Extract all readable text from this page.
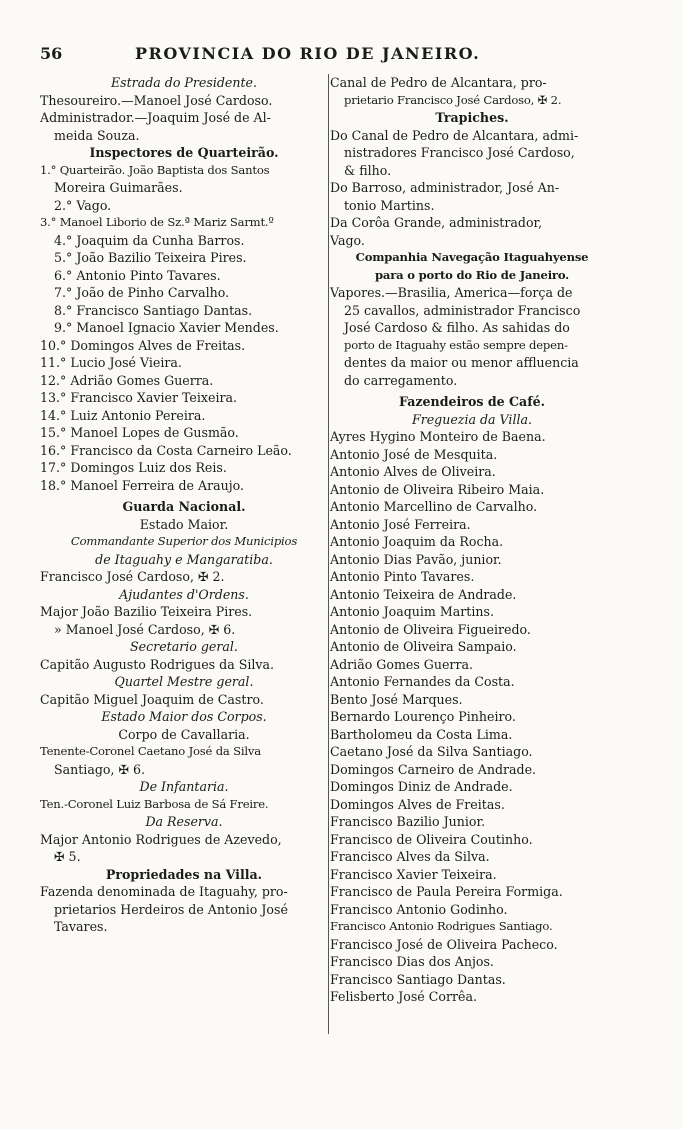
56	PROVINCIA DO RIO DE JANEIRO.
Estrada do Presidente.
Thesoureiro.—Manoel José Cardoso.
Administrador.—Joaquim José de Al-
meida Souza.
Inspectores de Quarteirão.
1.° Quarteirão. João Baptista dos Santos
Moreira Guimarães.
2.° Vago.
3.° Manoel Liborio de Sz.ª Mariz Sarmt.º
4.° Joaquim da Cunha Barros.
5.° João Bazilio Teixeira Pires.
6.° Antonio Pinto Tavares.
7.° João de Pinho Carvalho.
8.° Francisco Santiago Dantas.
9.° Manoel Ignacio Xavier Mendes.
10.° Domingos Alves de Freitas.
11.° Lucio José Vieira.
12.° Adrião Gomes Guerra.
13.° Francisco Xavier Teixeira.
14.° Luiz Antonio Pereira.
15.° Manoel Lopes de Gusmão.
16.° Francisco da Costa Carneiro Leão.
17.° Domingos Luiz dos Reis.
18.° Manoel Ferreira de Araujo.
Guarda Nacional.
Estado Maior.
Commandante Superior dos Municipios
de Itaguahy e Mangaratiba.
Francisco José Cardoso, ✠ 2.
Ajudantes d'Ordens.
Major João Bazilio Teixeira Pires.
» Manoel José Cardoso, ✠ 6.
Secretario geral.
Capitão Augusto Rodrigues da Silva.
Quartel Mestre geral.
Capitão Miguel Joaquim de Castro.
Estado Maior dos Corpos.
Corpo de Cavallaria.
Tenente-Coronel Caetano José da Silva
Santiago, ✠ 6.
De Infantaria.
Ten.-Coronel Luiz Barbosa de Sá Freire.
Da Reserva.
Major Antonio Rodrigues de Azevedo,
✠ 5.
Propriedades na Villa.
Fazenda denominada de Itaguahy, pro-
prietarios Herdeiros de Antonio José
Tavares.
Canal de Pedro de Alcantara, pro-
prietario Francisco José Cardoso, ✠ 2.
Trapiches.
Do Canal de Pedro de Alcantara, admi-
nistradores Francisco José Cardoso,
& filho.
Do Barroso, administrador, José An-
tonio Martins.
Da Corôa Grande, administrador,
Vago.
Companhia Navegação Itaguahyense
para o porto do Rio de Janeiro.
Vapores.—Brasilia, America—força de
25 cavallos, administrador Francisco
José Cardoso & filho. As sahidas do
porto de Itaguahy estão sempre depen-
dentes da maior ou menor affluencia
do carregamento.
Fazendeiros de Café.
Freguezia da Villa.
Ayres Hygino Monteiro de Baena.
Antonio José de Mesquita.
Antonio Alves de Oliveira.
Antonio de Oliveira Ribeiro Maia.
Antonio Marcellino de Carvalho.
Antonio José Ferreira.
Antonio Joaquim da Rocha.
Antonio Dias Pavão, junior.
Antonio Pinto Tavares.
Antonio Teixeira de Andrade.
Antonio Joaquim Martins.
Antonio de Oliveira Figueiredo.
Antonio de Oliveira Sampaio.
Adrião Gomes Guerra.
Antonio Fernandes da Costa.
Bento José Marques.
Bernardo Lourenço Pinheiro.
Bartholomeu da Costa Lima.
Caetano José da Silva Santiago.
Domingos Carneiro de Andrade.
Domingos Diniz de Andrade.
Domingos Alves de Freitas.
Francisco Bazilio Junior.
Francisco de Oliveira Coutinho.
Francisco Alves da Silva.
Francisco Xavier Teixeira.
Francisco de Paula Pereira Formiga.
Francisco Antonio Godinho.
Francisco Antonio Rodrigues Santiago.
Francisco José de Oliveira Pacheco.
Francisco Dias dos Anjos.
Francisco Santiago Dantas.
Felisberto José Corrêa.
